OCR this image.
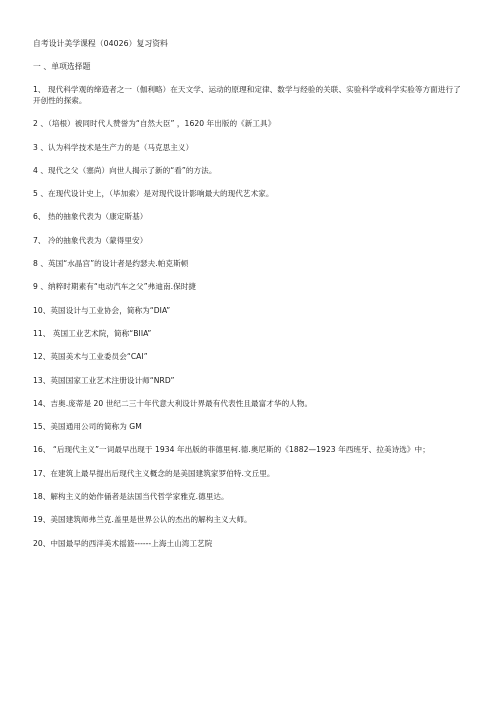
自考设计美学课程（04026）复习资料
一 、单项选择题
1、 现代科学观的缔造者之一（伽利略）在天文学、运动的原理和定律、数学与经验的关联、实验科学或科学实验等方面进行了开创性的探索。
2 、（培根）被同时代人赞誉为“自然大臣” ，1620 年出版的《新工具》
3 、认为科学技术是生产力的是（马克思主义）
4 、现代之父（塞尚）向世人揭示了新的“看”的方法。
5 、在现代设计史上，（毕加索）是对现代设计影响最大的现代艺术家。
6、 热的抽象代表为（康定斯基）
7、 冷的抽象代表为（蒙得里安）
8 、英国“水晶宫”的设计者是约瑟夫.帕克斯顿
9 、纳粹时期素有“电动汽车之父”弗迪南.保时捷
10、英国设计与工业协会，简称为“DIA”
11、 英国工业艺术院，简称“BIIA”
12、英国美术与工业委员会“CAI”
13、英国国家工业艺术注册设计师“NRD”
14、吉奥.庞蒂是 20 世纪二三十年代意大利设计界最有代表性且最富才华的人物。
15、美国通用公司的简称为 GM
16、 “后现代主义”一词最早出现于 1934 年出版的菲德里柯.德.奥尼斯的《1882—1923 年西班牙、拉美诗选》中；
17、在建筑上最早提出后现代主义概念的是美国建筑家罗伯特.文丘里。
18、解构主义的始作俑者是法国当代哲学家雅克.德里达。
19、美国建筑师弗兰克.盖里是世界公认的杰出的解构主义大师。
20、中国最早的西洋美术摇篮------上海土山湾工艺院
